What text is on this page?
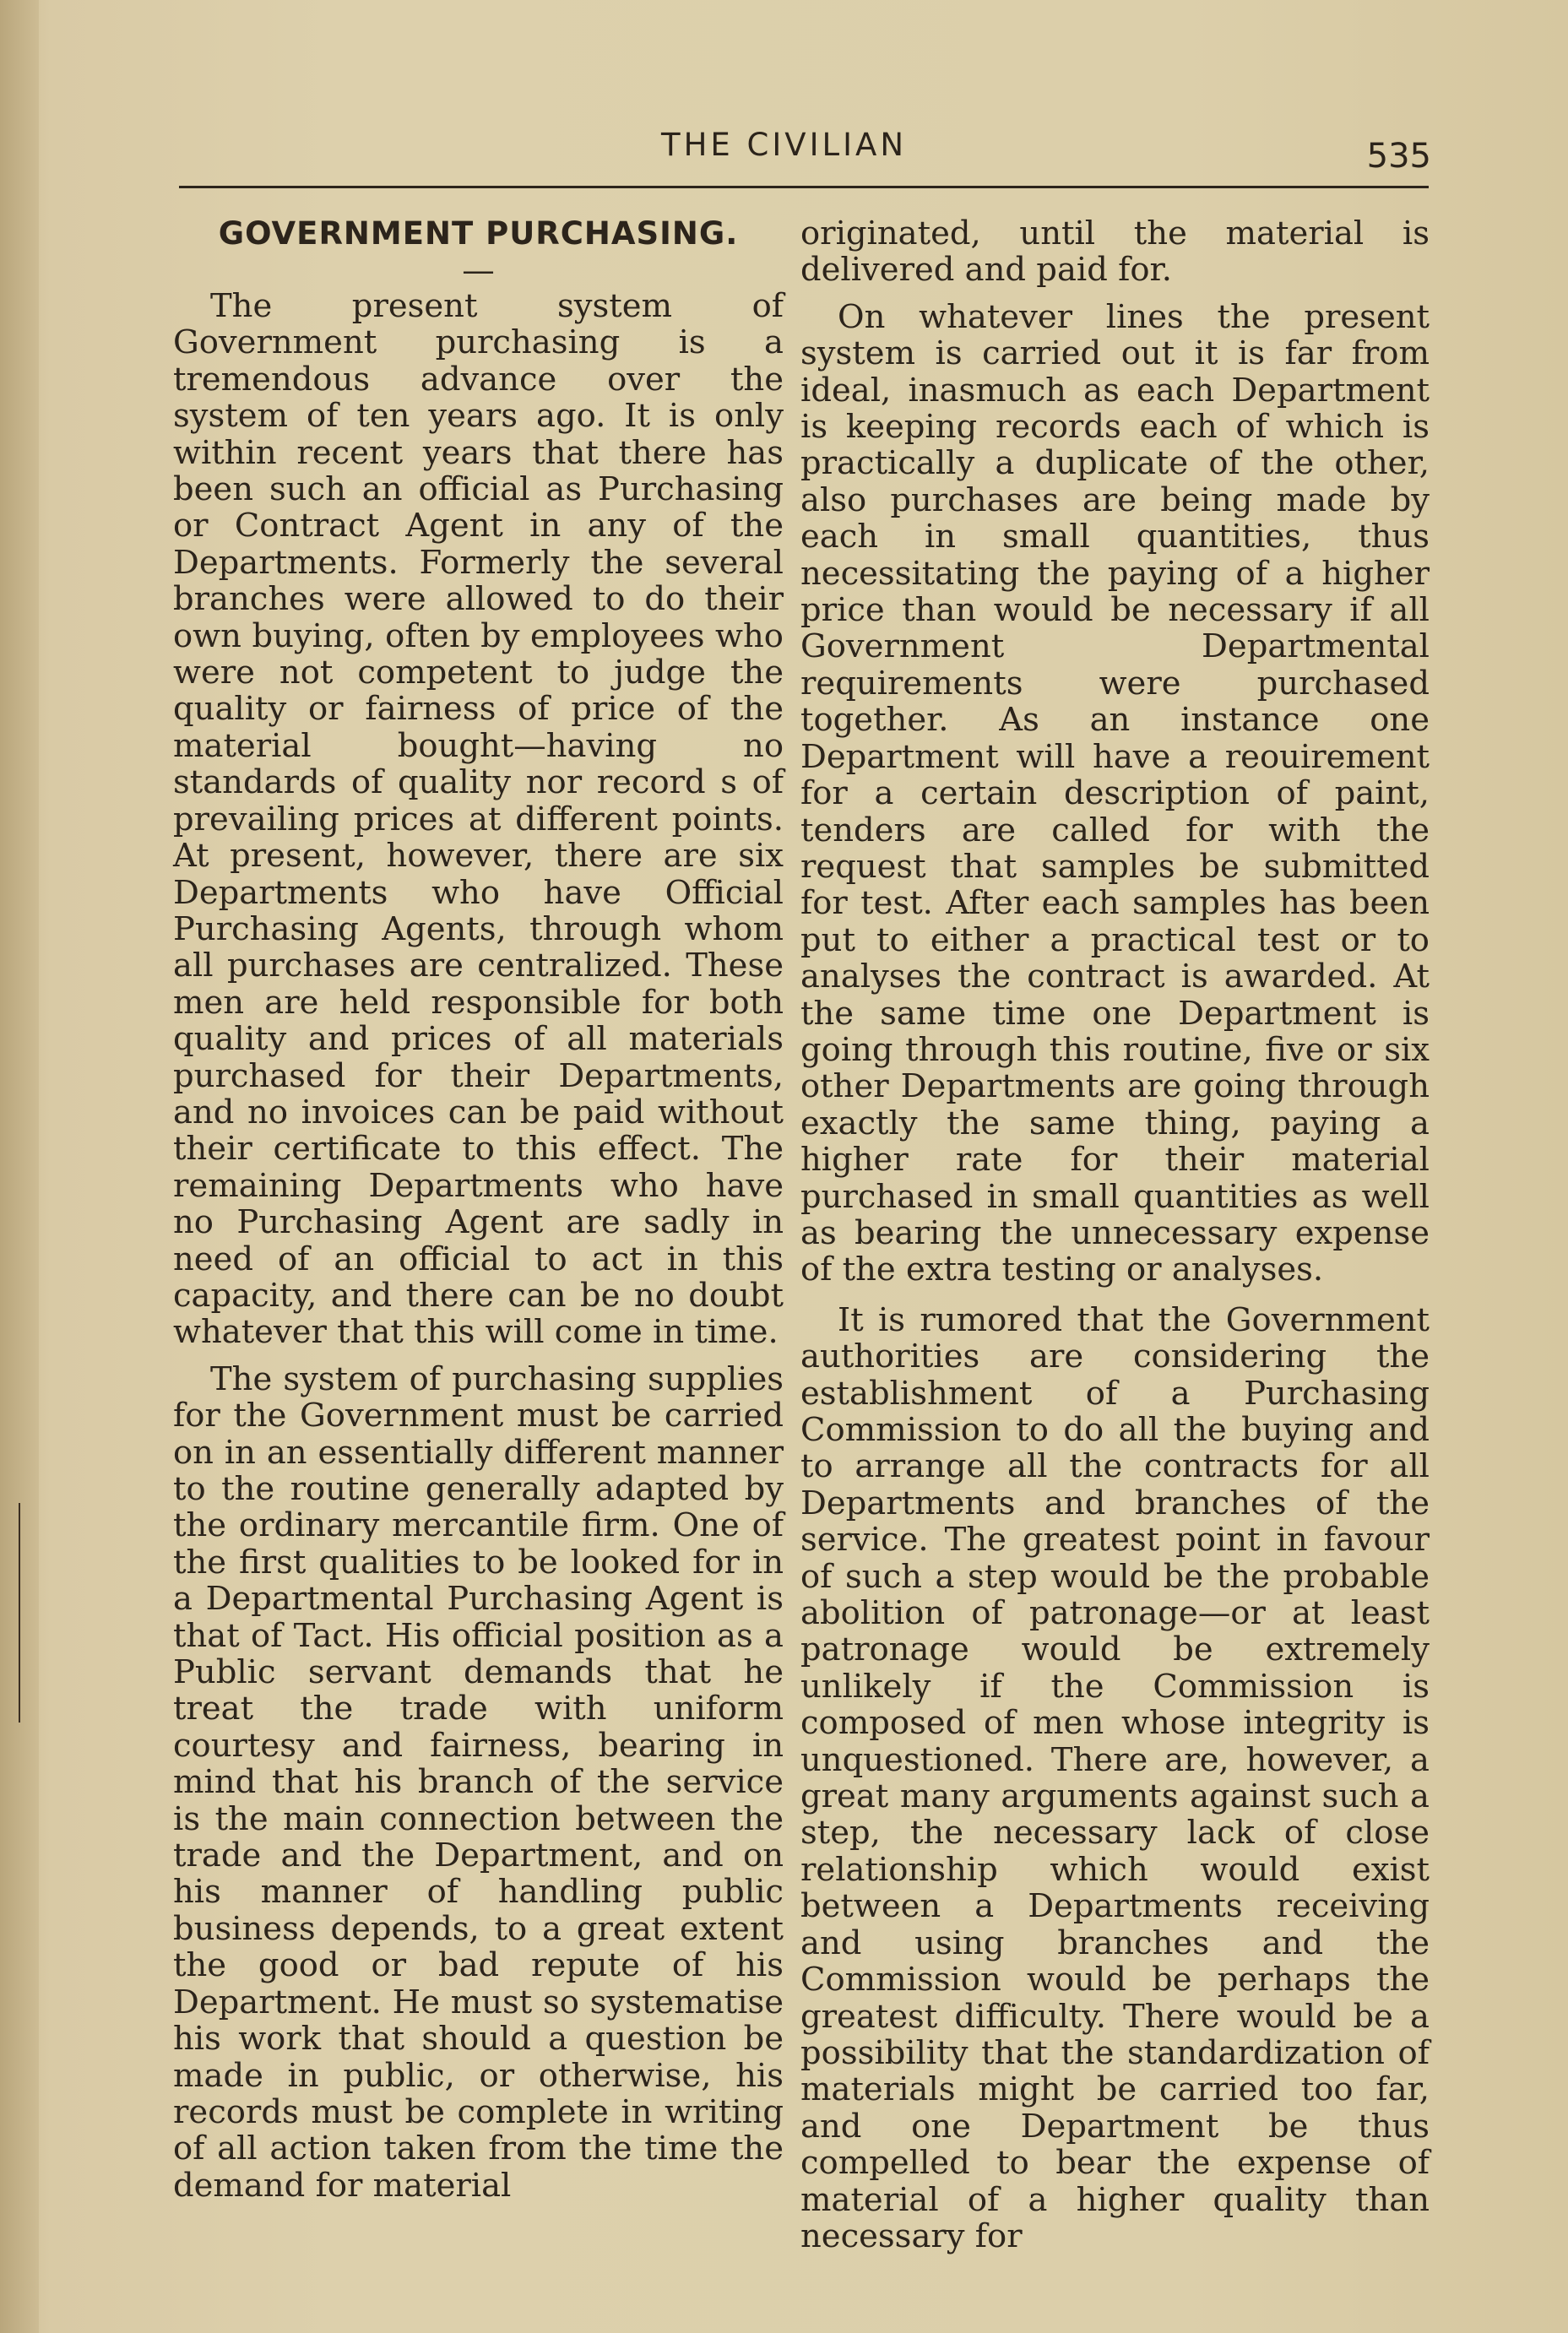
THE CIVILIAN	535
GOVERNMENT PURCHASING.
—

The present system of Government purchasing is a tremendous advance over the system of ten years ago. It is only within recent years that there has been such an official as Purchasing or Contract Agent in any of the Departments. Formerly the several branches were allowed to do their own buying, often by employees who were not competent to judge the quality or fairness of price of the material bought—having no standards of quality nor record s of prevailing prices at different points. At present, however, there are six Departments who have Official Purchasing Agents, through whom all purchases are centralized. These men are held responsible for both quality and prices of all materials purchased for their Departments, and no invoices can be paid without their certificate to this effect. The remaining Departments who have no Purchasing Agent are sadly in need of an official to act in this capacity, and there can be no doubt whatever that this will come in time.

The system of purchasing supplies for the Government must be carried on in an essentially different manner to the routine generally adapted by the ordinary mercantile firm. One of the first qualities to be looked for in a Departmental Purchasing Agent is that of Tact. His official position as a Public servant demands that he treat the trade with uniform courtesy and fairness, bearing in mind that his branch of the service is the main connection between the trade and the Department, and on his manner of handling public business depends, to a great extent the good or bad repute of his Department. He must so systematise his work that should a question be made in public, or otherwise, his records must be complete in writing of all action taken from the time the demand for material

originated, until the material is delivered and paid for.

On whatever lines the present system is carried out it is far from ideal, inasmuch as each Department is keeping records each of which is practically a duplicate of the other, also purchases are being made by each in small quantities, thus necessitating the paying of a higher price than would be necessary if all Government Departmental requirements were purchased together. As an instance one Department will have a reouirement for a certain description of paint, tenders are called for with the request that samples be submitted for test. After each samples has been put to either a practical test or to analyses the contract is awarded. At the same time one Department is going through this routine, five or six other Departments are going through exactly the same thing, paying a higher rate for their material purchased in small quantities as well as bearing the unnecessary expense of the extra testing or analyses.

It is rumored that the Government authorities are considering the establishment of a Purchasing Commission to do all the buying and to arrange all the contracts for all Departments and branches of the service. The greatest point in favour of such a step would be the probable abolition of patronage—or at least patronage would be extremely unlikely if the Commission is composed of men whose integrity is unquestioned. There are, however, a great many arguments against such a step, the necessary lack of close relationship which would exist between a Departments receiving and using branches and the Commission would be perhaps the greatest difficulty. There would be a possibility that the standardization of materials might be carried too far, and one Department be thus compelled to bear the expense of material of a higher quality than necessary for
